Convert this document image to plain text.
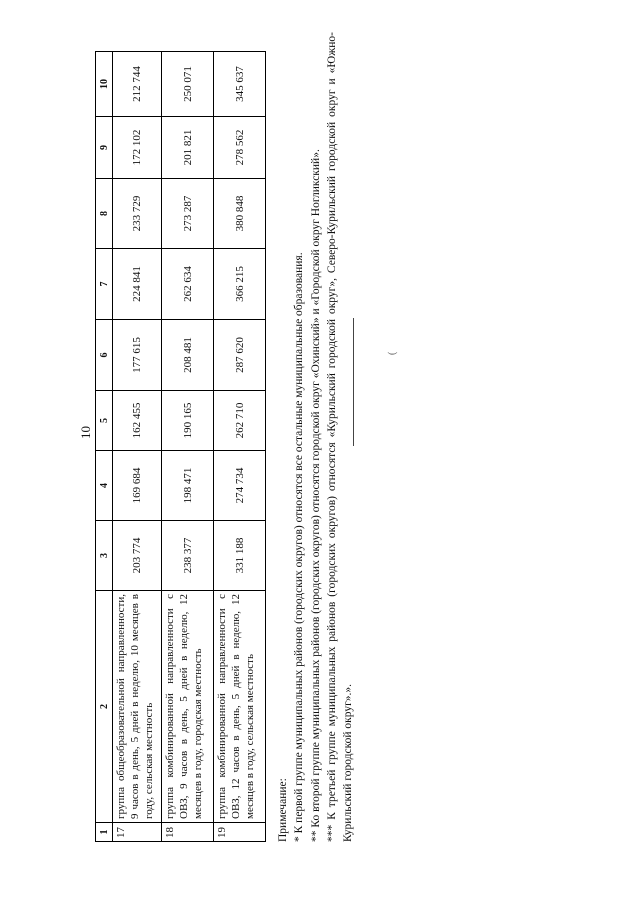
10
1	2	3	4	5	6	7	8	9	10
17	группа общеобразовательной направленности, 9 часов в день, 5 дней в неделю, 10 месяцев в году, сельская местность	203 774	169 684	162 455	177 615	224 841	233 729	172 102	212 744
18	группа комбинированной направленности с ОВЗ, 9 часов в день, 5 дней в неделю, 12 месяцев в году, городская местность	238 377	198 471	190 165	208 481	262 634	273 287	201 821	250 071
19	группа комбинированной направленности с ОВЗ, 12 часов в день, 5 дней в неделю, 12 месяцев в году, сельская местность	331 188	274 734	262 710	287 620	366 215	380 848	278 562	345 637

Примечание: * К первой группе муниципальных районов (городских округов) относятся все остальные муниципальные образования. ** Ко второй группе муниципальных районов (городских округов) относятся городской округ «Охинский» и «Городской округ Ногликский». *** К третьей группе муниципальных районов (городских округов) относятся «Курильский городской округ», Северо-Курильский городской округ и «Южно-Курильский городской округ».».

(
